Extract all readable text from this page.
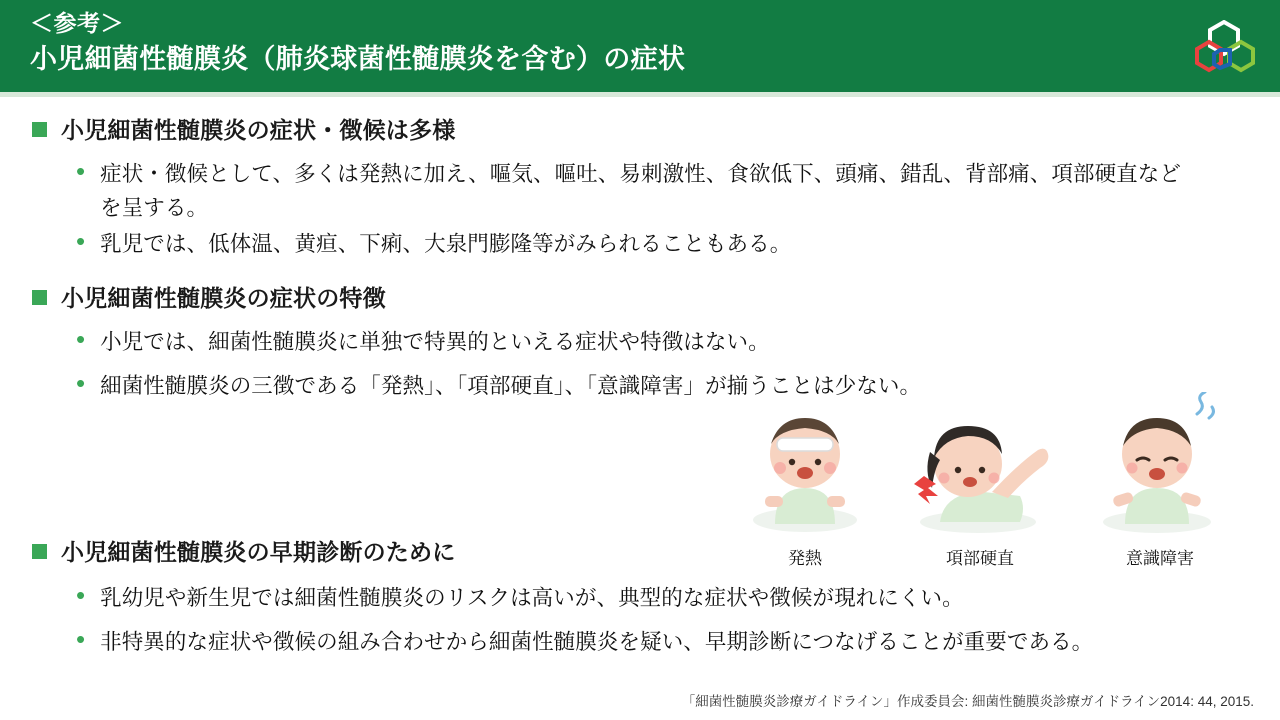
＜参考＞
小児細菌性髄膜炎（肺炎球菌性髄膜炎を含む）の症状
小児細菌性髄膜炎の症状・徴候は多様
• 症状・徴候として、多くは発熱に加え、嘔気、嘔吐、易刺激性、食欲低下、頭痛、錯乱、背部痛、項部硬直などを呈する。
• 乳児では、低体温、黄疸、下痢、大泉門膨隆等がみられることもある。
小児細菌性髄膜炎の症状の特徴
• 小児では、細菌性髄膜炎に単独で特異的といえる症状や特徴はない。
• 細菌性髄膜炎の三徴である「発熱」、「項部硬直」、「意識障害」が揃うことは少ない。
発熱	項部硬直	意識障害
小児細菌性髄膜炎の早期診断のために
• 乳幼児や新生児では細菌性髄膜炎のリスクは高いが、典型的な症状や徴候が現れにくい。
• 非特異的な症状や徴候の組み合わせから細菌性髄膜炎を疑い、早期診断につなげることが重要である。
「細菌性髄膜炎診療ガイドライン」作成委員会: 細菌性髄膜炎診療ガイドライン2014: 44, 2015.
